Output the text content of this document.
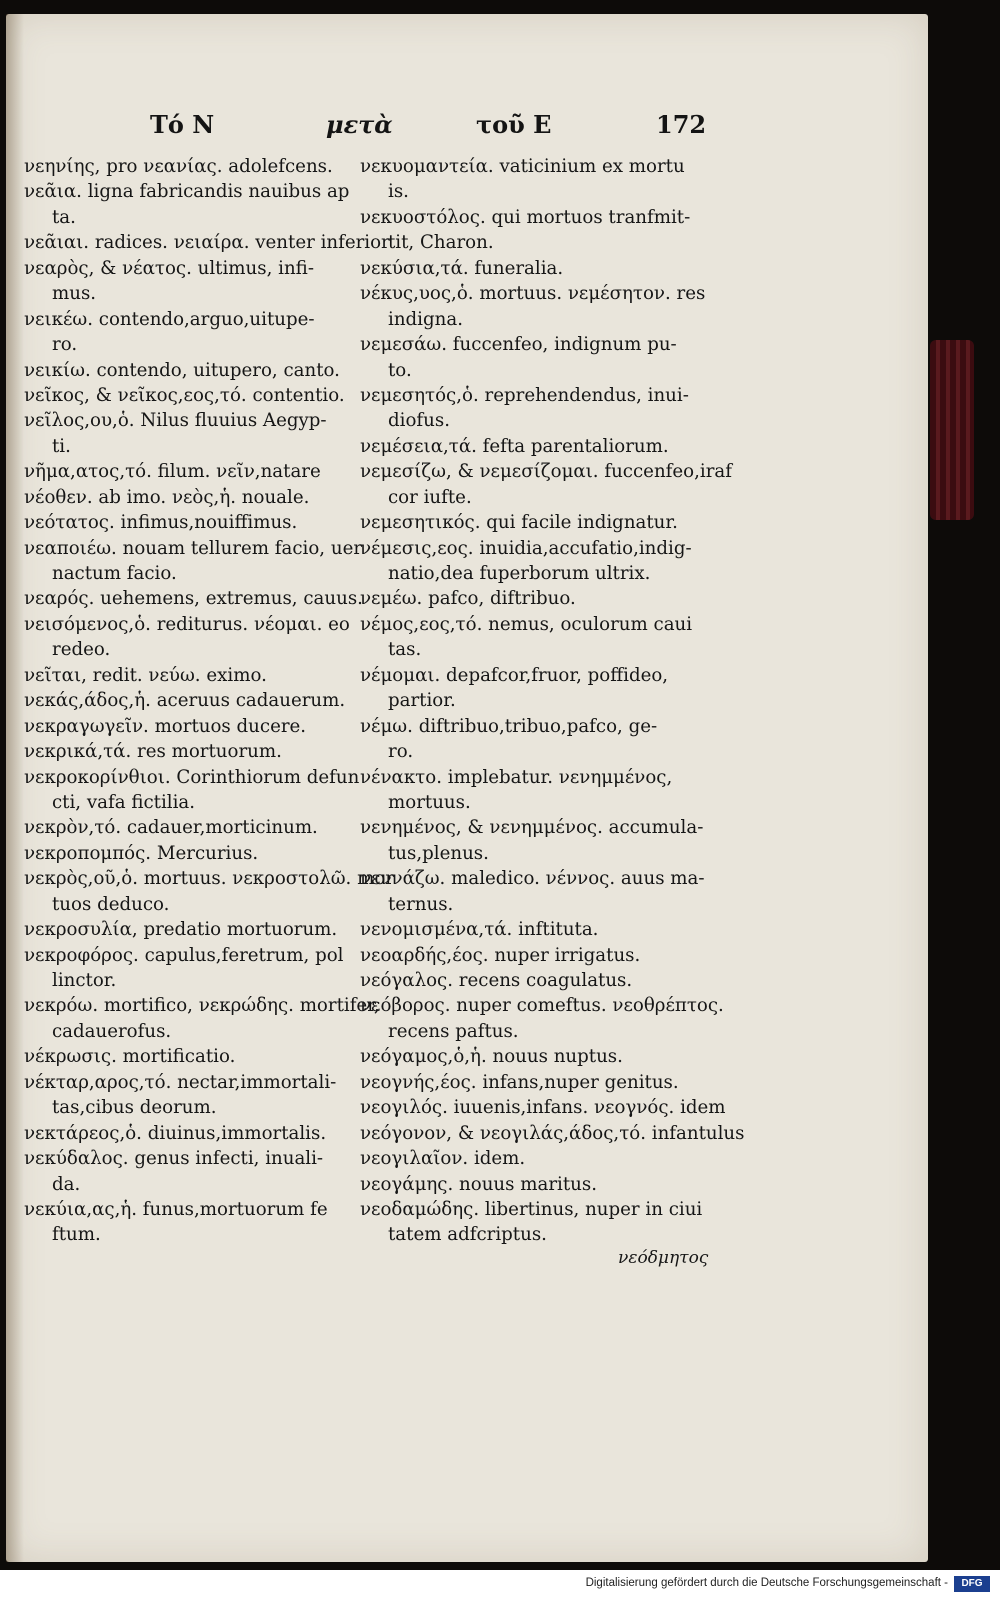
Τό Ν	μετὰ	τοῦ Ε	172
νεηνίης, pro νεανίας. adolefcens.
νεᾶια. ligna fabricandis nauibus ap
ta.
νεᾶιαι. radices. νειαίρα. venter inferior
νεαρὸς, & νέατος. ultimus, infi-
mus.
νεικέω. contendo,arguo,uitupe-
ro.
νεικίω. contendo, uitupero, canto.
νεῖκος, & νεῖκος,εος,τό. contentio.
νεῖλος,ου,ὁ. Nilus fluuius Aegyp-
ti.
νῆμα,ατος,τό. filum. νεῖν,natare
νέοθεν. ab imo. νεὸς,ἡ. nouale.
νεότατος. infimus,nouiffimus.
νεαποιέω. nouam tellurem facio, uer
nactum facio.
νεαρός. uehemens, extremus, cauus.
νεισόμενος,ὁ. rediturus. νέομαι. eo
redeo.
νεῖται, redit. νεύω. eximo.
νεκάς,άδος,ἡ. aceruus cadauerum.
νεκραγωγεῖν. mortuos ducere.
νεκρικά,τά. res mortuorum.
νεκροκορίνθιοι. Corinthiorum defun
cti, vafa fictilia.
νεκρὸν,τό. cadauer,morticinum.
νεκροπομπός. Mercurius.
νεκρὸς,οῦ,ὁ. mortuus. νεκροστολῶ. mor
tuos deduco.
νεκροσυλία, predatio mortuorum.
νεκροφόρος. capulus,feretrum, pol
linctor.
νεκρόω. mortifico, νεκρώδης. mortifer,
cadauerofus.
νέκρωσις. mortificatio.
νέκταρ,αρος,τό. nectar,immortali-
tas,cibus deorum.
νεκτάρεος,ὁ. diuinus,immortalis.
νεκύδαλος. genus infecti, inuali-
da.
νεκύια,ας,ἡ. funus,mortuorum fe
ftum.
νεκυομαντεία. vaticinium ex mortu
is.
νεκυοστόλος. qui mortuos tranfmit-
tit, Charon.
νεκύσια,τά. funeralia.
νέκυς,υος,ὁ. mortuus. νεμέσητον. res
indigna.
νεμεσάω. fuccenfeo, indignum pu-
to.
νεμεσητός,ὁ. reprehendendus, inui-
diofus.
νεμέσεια,τά. fefta parentaliorum.
νεμεσίζω, & νεμεσίζομαι. fuccenfeo,iraf
cor iufte.
νεμεσητικός. qui facile indignatur.
νέμεσις,εος. inuidia,accufatio,indig-
natio,dea fuperborum ultrix.
νεμέω. pafco, diftribuo.
νέμος,εος,τό. nemus, oculorum caui
tas.
νέμομαι. depafcor,fruor, poffideo,
partior.
νέμω. diftribuo,tribuo,pafco, ge-
ro.
νένακτο. implebatur. νενημμένος,
mortuus.
νενημένος, & νενημμένος. accumula-
tus,plenus.
νεννάζω. maledico. νέννος. auus ma-
ternus.
νενομισμένα,τά. inftituta.
νεοαρδής,έος. nuper irrigatus.
νεόγαλος. recens coagulatus.
νεόβορος. nuper comeftus. νεοθρέπτος.
recens paftus.
νεόγαμος,ὁ,ἡ. nouus nuptus.
νεογνής,έος. infans,nuper genitus.
νεογιλός. iuuenis,infans. νεογνός. idem
νεόγονον, & νεογιλάς,άδος,τό. infantulus
νεογιλαῖον. idem.
νεογάμης. nouus maritus.
νεοδαμώδης. libertinus, nuper in ciui
tatem adfcriptus.
νεόδμητος
Digitalisierung gefördert durch die Deutsche Forschungsgemeinschaft -	DFG
